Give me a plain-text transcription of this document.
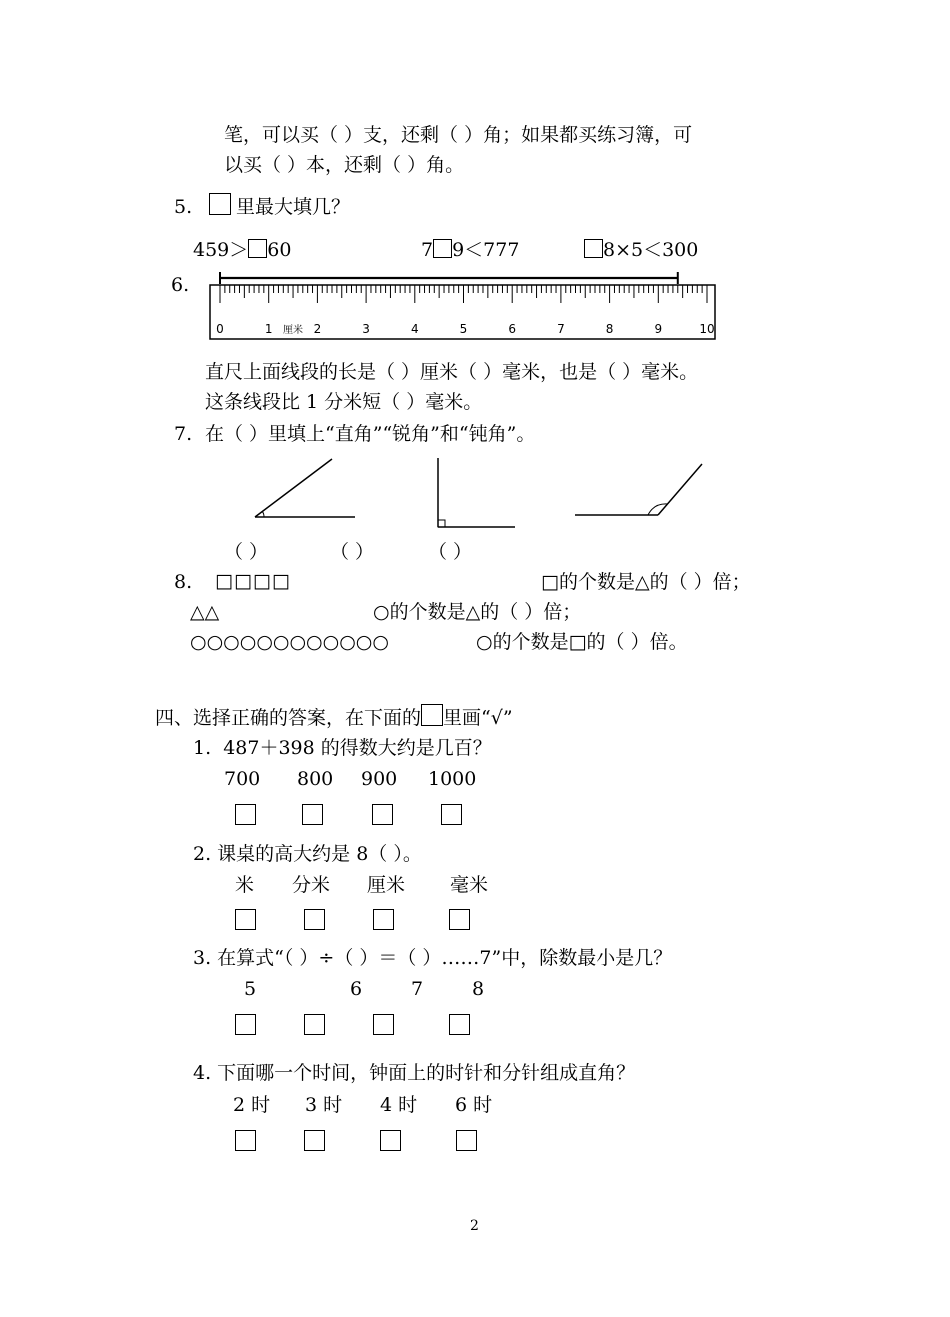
笔，可以买（ ）支，还剩（ ）角；如果都买练习簿，可
以买（ ）本，还剩（ ）角。
5. 里最大填几？
459＞ 60	7 9＜777	8×5＜300
6.
0	1	2	3	4	5	6	7	8	9	10
厘米
直尺上面线段的长是（ ）厘米（ ）毫米，也是（ ）毫米。
这条线段比 1 分米短（ ）毫米。
7. 在（ ）里填上“直角”“锐角”和“钝角”。
（ ）	（ ）	（ ）
8. □□□□	□的个数是△的（ ）倍；
△△	○的个数是△的（ ）倍；
○○○○○○○○○○○○	○的个数是□的（ ）倍。
四、选择正确的答案，在下面的 里画“√”
1.  487＋398 的得数大约是几百？
700 800 900 1000
2. 课桌的高大约是 8（ ）。
米 分米 厘米 毫米
3. 在算式“（ ）÷（ ）＝（ ）……7”中，除数最小是几？
5	6	7	8
4. 下面哪一个时间，钟面上的时针和分针组成直角？
2 时 3 时 4 时 6 时
2
